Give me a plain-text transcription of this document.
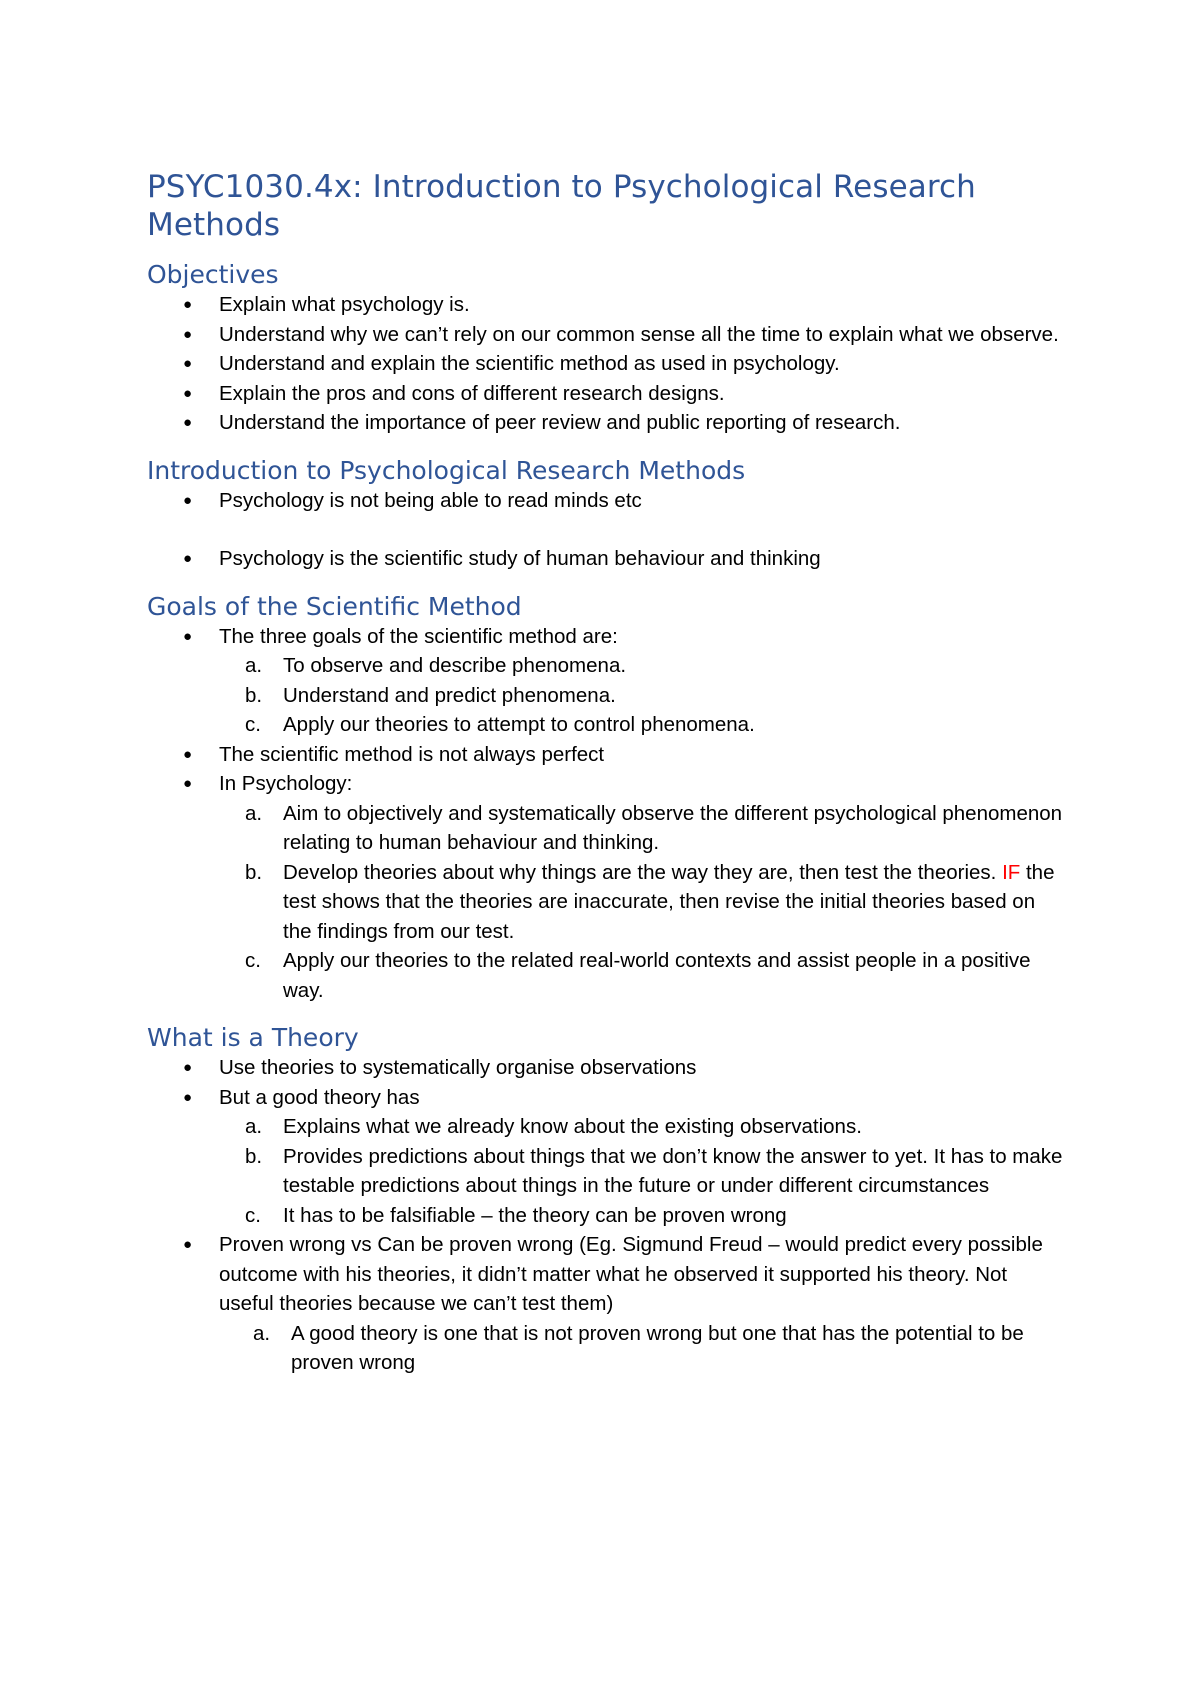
PSYC1030.4x: Introduction to Psychological Research Methods
Objectives
●	Explain what psychology is.
●	Understand why we can’t rely on our common sense all the time to explain what we observe.
●	Understand and explain the scientific method as used in psychology.
●	Explain the pros and cons of different research designs.
●	Understand the importance of peer review and public reporting of research.
Introduction to Psychological Research Methods
●	Psychology is not being able to read minds etc
●	Psychology is the scientific study of human behaviour and thinking
Goals of the Scientific Method
●	The three goals of the scientific method are:
a. To observe and describe phenomena.
b. Understand and predict phenomena.
c. Apply our theories to attempt to control phenomena.
●	The scientific method is not always perfect
●	In Psychology:
a. Aim to objectively and systematically observe the different psychological phenomenon relating to human behaviour and thinking.
b. Develop theories about why things are the way they are, then test the theories. IF the test shows that the theories are inaccurate, then revise the initial theories based on the findings from our test.
c. Apply our theories to the related real-world contexts and assist people in a positive way.
What is a Theory
●	Use theories to systematically organise observations
●	But a good theory has
a. Explains what we already know about the existing observations.
b. Provides predictions about things that we don’t know the answer to yet. It has to make testable predictions about things in the future or under different circumstances
c. It has to be falsifiable – the theory can be proven wrong
●	Proven wrong vs Can be proven wrong (Eg. Sigmund Freud – would predict every possible outcome with his theories, it didn’t matter what he observed it supported his theory. Not useful theories because we can’t test them)
a. A good theory is one that is not proven wrong but one that has the potential to be proven wrong
